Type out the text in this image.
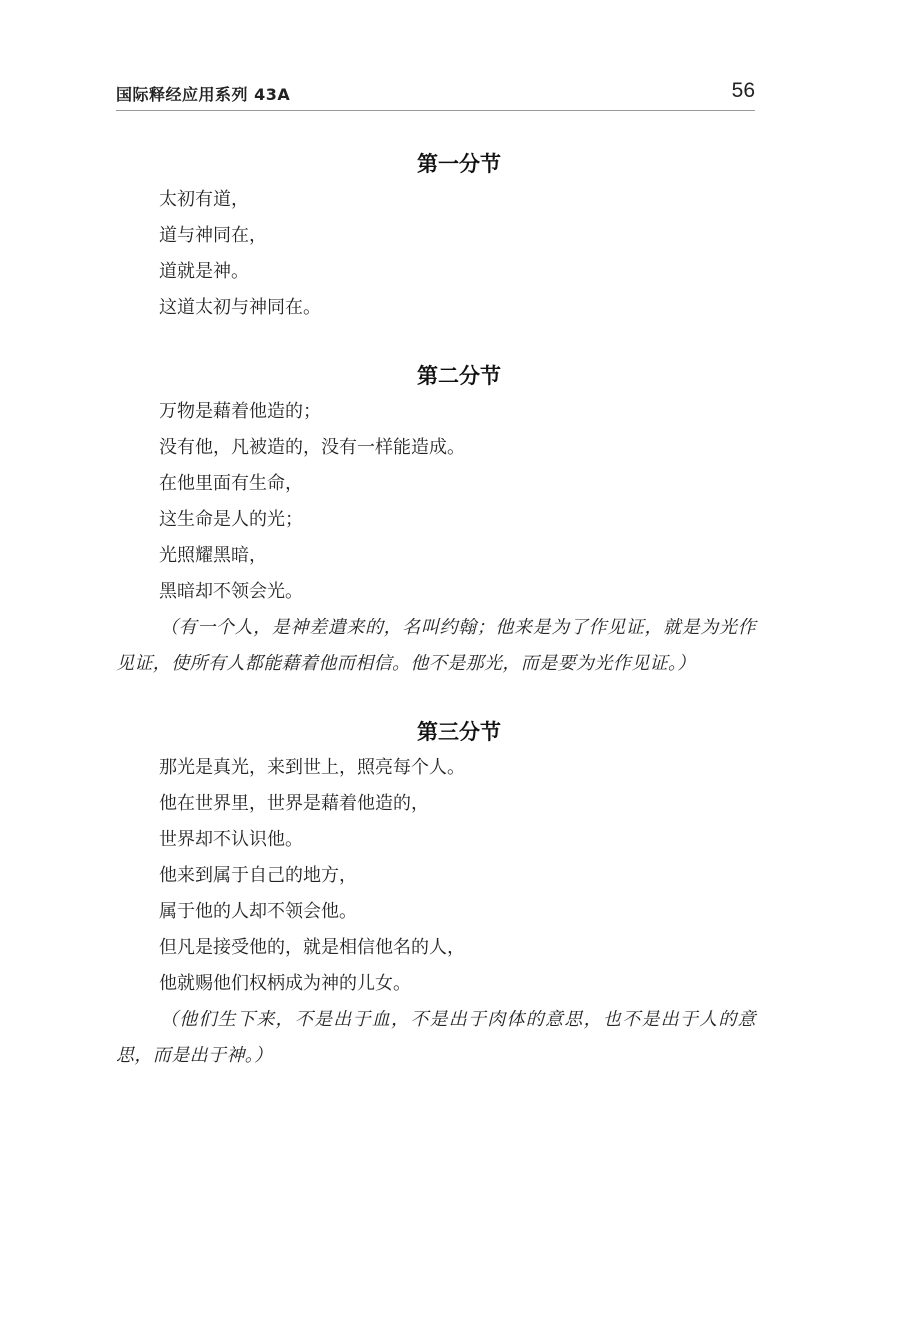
国际释经应用系列 43A	56
第一分节

太初有道，

道与神同在，

道就是神。

这道太初与神同在。

第二分节

万物是藉着他造的；

没有他，凡被造的，没有一样能造成。

在他里面有生命，

这生命是人的光；

光照耀黑暗，

黑暗却不领会光。

（有一个人，是神差遣来的，名叫约翰；他来是为了作见证，就是为光作见证，使所有人都能藉着他而相信。他不是那光，而是要为光作见证。）

第三分节

那光是真光，来到世上，照亮每个人。

他在世界里，世界是藉着他造的，

世界却不认识他。

他来到属于自己的地方，

属于他的人却不领会他。

但凡是接受他的，就是相信他名的人，

他就赐他们权柄成为神的儿女。

（他们生下来，不是出于血，不是出于肉体的意思，也不是出于人的意思，而是出于神。）
